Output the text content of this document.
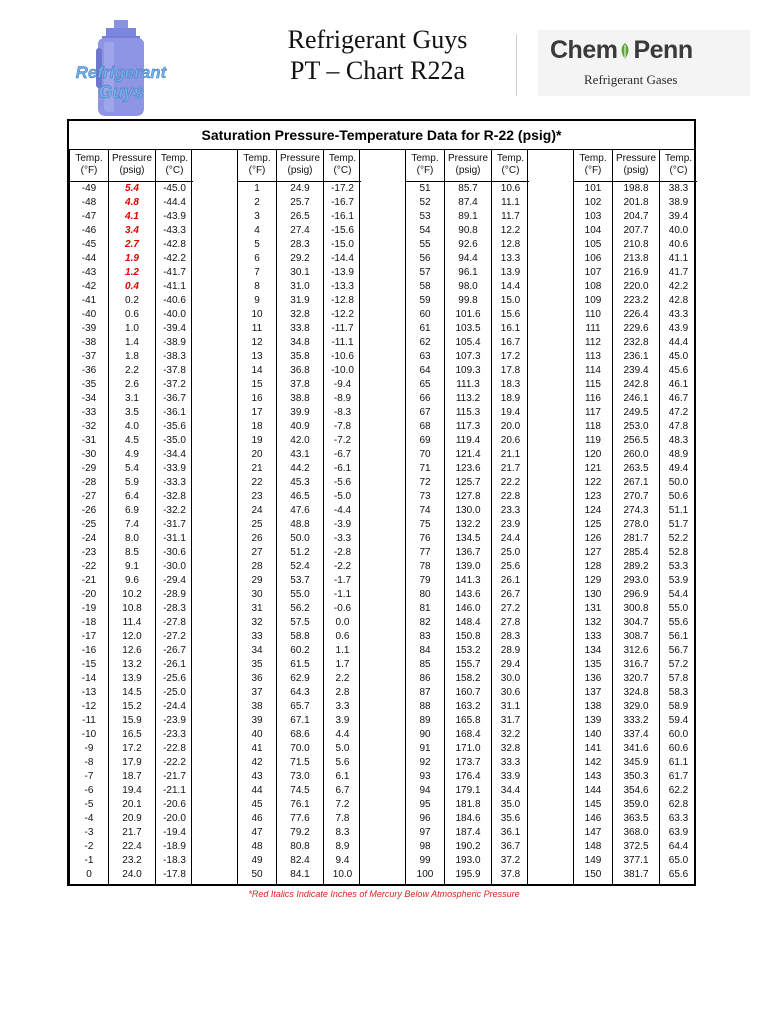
Refrigerant
Guys
Refrigerant Guys
PT – Chart R22a
Chem Penn
Refrigerant Gases
Saturation Pressure-Temperature Data for R-22 (psig)*
Temp.
(°F)
-49
-48
-47
-46
-45
-44
-43
-42
-41
-40
-39
-38
-37
-36
-35
-34
-33
-32
-31
-30
-29
-28
-27
-26
-25
-24
-23
-22
-21
-20
-19
-18
-17
-16
-15
-14
-13
-12
-11
-10
-9
-8
-7
-6
-5
-4
-3
-2
-1
0
Pressure
(psig)
5.4
4.8
4.1
3.4
2.7
1.9
1.2
0.4
0.2
0.6
1.0
1.4
1.8
2.2
2.6
3.1
3.5
4.0
4.5
4.9
5.4
5.9
6.4
6.9
7.4
8.0
8.5
9.1
9.6
10.2
10.8
11.4
12.0
12.6
13.2
13.9
14.5
15.2
15.9
16.5
17.2
17.9
18.7
19.4
20.1
20.9
21.7
22.4
23.2
24.0
Temp.
(°C)
-45.0
-44.4
-43.9
-43.3
-42.8
-42.2
-41.7
-41.1
-40.6
-40.0
-39.4
-38.9
-38.3
-37.8
-37.2
-36.7
-36.1
-35.6
-35.0
-34.4
-33.9
-33.3
-32.8
-32.2
-31.7
-31.1
-30.6
-30.0
-29.4
-28.9
-28.3
-27.8
-27.2
-26.7
-26.1
-25.6
-25.0
-24.4
-23.9
-23.3
-22.8
-22.2
-21.7
-21.1
-20.6
-20.0
-19.4
-18.9
-18.3
-17.8
Temp.
(°F)
1
2
3
4
5
6
7
8
9
10
11
12
13
14
15
16
17
18
19
20
21
22
23
24
25
26
27
28
29
30
31
32
33
34
35
36
37
38
39
40
41
42
43
44
45
46
47
48
49
50
Pressure
(psig)
24.9
25.7
26.5
27.4
28.3
29.2
30.1
31.0
31.9
32.8
33.8
34.8
35.8
36.8
37.8
38.8
39.9
40.9
42.0
43.1
44.2
45.3
46.5
47.6
48.8
50.0
51.2
52.4
53.7
55.0
56.2
57.5
58.8
60.2
61.5
62.9
64.3
65.7
67.1
68.6
70.0
71.5
73.0
74.5
76.1
77.6
79.2
80.8
82.4
84.1
Temp.
(°C)
-17.2
-16.7
-16.1
-15.6
-15.0
-14.4
-13.9
-13.3
-12.8
-12.2
-11.7
-11.1
-10.6
-10.0
-9.4
-8.9
-8.3
-7.8
-7.2
-6.7
-6.1
-5.6
-5.0
-4.4
-3.9
-3.3
-2.8
-2.2
-1.7
-1.1
-0.6
0.0
0.6
1.1
1.7
2.2
2.8
3.3
3.9
4.4
5.0
5.6
6.1
6.7
7.2
7.8
8.3
8.9
9.4
10.0
Temp.
(°F)
51
52
53
54
55
56
57
58
59
60
61
62
63
64
65
66
67
68
69
70
71
72
73
74
75
76
77
78
79
80
81
82
83
84
85
86
87
88
89
90
91
92
93
94
95
96
97
98
99
100
Pressure
(psig)
85.7
87.4
89.1
90.8
92.6
94.4
96.1
98.0
99.8
101.6
103.5
105.4
107.3
109.3
111.3
113.2
115.3
117.3
119.4
121.4
123.6
125.7
127.8
130.0
132.2
134.5
136.7
139.0
141.3
143.6
146.0
148.4
150.8
153.2
155.7
158.2
160.7
163.2
165.8
168.4
171.0
173.7
176.4
179.1
181.8
184.6
187.4
190.2
193.0
195.9
Temp.
(°C)
10.6
11.1
11.7
12.2
12.8
13.3
13.9
14.4
15.0
15.6
16.1
16.7
17.2
17.8
18.3
18.9
19.4
20.0
20.6
21.1
21.7
22.2
22.8
23.3
23.9
24.4
25.0
25.6
26.1
26.7
27.2
27.8
28.3
28.9
29.4
30.0
30.6
31.1
31.7
32.2
32.8
33.3
33.9
34.4
35.0
35.6
36.1
36.7
37.2
37.8
Temp.
(°F)
101
102
103
104
105
106
107
108
109
110
111
112
113
114
115
116
117
118
119
120
121
122
123
124
125
126
127
128
129
130
131
132
133
134
135
136
137
138
139
140
141
142
143
144
145
146
147
148
149
150
Pressure
(psig)
198.8
201.8
204.7
207.7
210.8
213.8
216.9
220.0
223.2
226.4
229.6
232.8
236.1
239.4
242.8
246.1
249.5
253.0
256.5
260.0
263.5
267.1
270.7
274.3
278.0
281.7
285.4
289.2
293.0
296.9
300.8
304.7
308.7
312.6
316.7
320.7
324.8
329.0
333.2
337.4
341.6
345.9
350.3
354.6
359.0
363.5
368.0
372.5
377.1
381.7
Temp.
(°C)
38.3
38.9
39.4
40.0
40.6
41.1
41.7
42.2
42.8
43.3
43.9
44.4
45.0
45.6
46.1
46.7
47.2
47.8
48.3
48.9
49.4
50.0
50.6
51.1
51.7
52.2
52.8
53.3
53.9
54.4
55.0
55.6
56.1
56.7
57.2
57.8
58.3
58.9
59.4
60.0
60.6
61.1
61.7
62.2
62.8
63.3
63.9
64.4
65.0
65.6
*Red Italics Indicate Inches of Mercury Below Atmospheric Pressure
